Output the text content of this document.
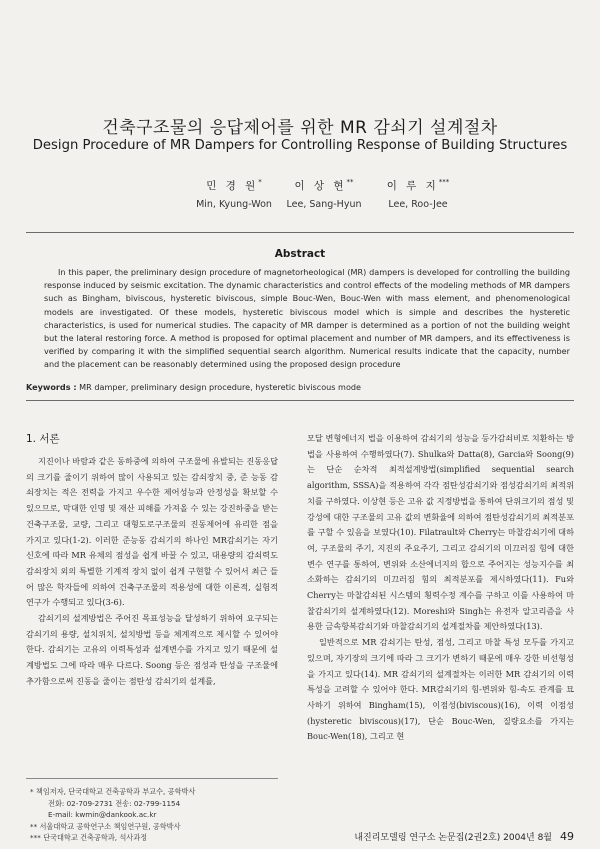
건축구조물의 응답제어를 위한 MR 감쇠기 설계절차
Design Procedure of MR Dampers for Controlling Response of Building Structures
민 경 원*
Min, Kyung-Won
이 상 현**
Lee, Sang-Hyun
이 루 지***
Lee, Roo-Jee
Abstract
In this paper, the preliminary design procedure of magnetorheological (MR) dampers is developed for controlling the building response induced by seismic excitation. The dynamic characteristics and control effects of the modeling methods of MR dampers such as Bingham, biviscous, hysteretic biviscous, simple Bouc-Wen, Bouc-Wen with mass element, and phenomenological models are investigated. Of these models, hysteretic biviscous model which is simple and describes the hysteretic characteristics, is used for numerical studies. The capacity of MR damper is determined as a portion of not the building weight but the lateral restoring force. A method is proposed for optimal placement and number of MR dampers, and its effectiveness is verified by comparing it with the simplified sequential search algorithm. Numerical results indicate that the capacity, number and the placement can be reasonably determined using the proposed design procedure
Keywords : MR damper, preliminary design procedure, hysteretic biviscous mode
1. 서론

지진이나 바람과 같은 동하중에 의하여 구조물에 유발되는 진동응답의 크기를 줄이기 위하여 많이 사용되고 있는 감쇠장치 중, 준 능동 감쇠장치는 적은 전력을 가지고 우수한 제어성능과 안정성을 확보할 수 있으므로, 막대한 인명 및 재산 피해를 가져올 수 있는 강진하중을 받는 건축구조물, 교량, 그리고 대형도로구조물의 진동제어에 유리한 점을 가지고 있다(1-2). 이러한 준능동 감쇠기의 하나인 MR감쇠기는 자기신호에 따라 MR 유체의 점성을 쉽게 바꿀 수 있고, 대용량의 감쇠력도 감쇠장치 외의 특별한 기계적 장치 없이 쉽게 구현할 수 있어서 최근 들어 많은 학자들에 의하여 건축구조물의 적용성에 대한 이론적, 실험적 연구가 수행되고 있다(3-6).

감쇠기의 설계방법은 주어진 목표성능을 달성하기 위하여 요구되는 감쇠기의 용량, 설치위치, 설치방법 등을 체계적으로 제시할 수 있어야 한다. 감쇠기는 고유의 이력특성과 설계변수를 가지고 있기 때문에 설계방법도 그에 따라 매우 다르다. Soong 등은 점성과 탄성을 구조물에 추가함으로써 진동을 줄이는 점탄성 감쇠기의 설계를,

모달 변형에너지 법을 이용하여 감쇠기의 성능을 등가감쇠비로 치환하는 방법을 사용하여 수행하였다(7). Shulka와 Datta(8), Garcia와 Soong(9)는 단순 순차적 최적설계방법(simplified sequential search algorithm, SSSA)을 적용하여 각각 점탄성감쇠기와 점성감쇠기의 최적위치를 구하였다. 이상현 등은 고유 값 지정방법을 통하여 단위크기의 점성 및 강성에 대한 구조물의 고유 값의 변화율에 의하여 점탄성감쇠기의 최적분포를 구할 수 있음을 보였다(10). Filatrault와 Cherry는 마찰감쇠기에 대하여, 구조물의 주기, 지진의 주요주기, 그리고 감쇠기의 미끄러짐 힘에 대한 변수 연구를 통하여, 변위와 소산에너지의 합으로 주어지는 성능지수를 최소화하는 감쇠기의 미끄러짐 힘의 최적분포를 제시하였다(11). Fu와 Cherry는 마찰감쇠된 시스템의 횡력수정 계수를 구하고 이를 사용하여 마찰감쇠기의 설계하였다(12). Moreshi와 Singh는 유전자 알고리즘을 사용한 금속항복감쇠기와 마찰감쇠기의 설계절차를 제안하였다(13).

일반적으로 MR 감쇠기는 탄성, 점성, 그리고 마찰 특성 모두를 가지고 있으며, 자기장의 크기에 따라 그 크기가 변하기 때문에 매우 강한 비선형성을 가지고 있다(14). MR 감쇠기의 설계절차는 이러한 MR 감쇠기의 이력특성을 고려할 수 있어야 한다. MR감쇠기의 힘-변위와 힘-속도 관계를 묘사하기 위하여 Bingham(15), 이점성(biviscous)(16), 이력 이점성(hysteretic biviscous)(17), 단순 Bouc-Wen, 질량요소를 가지는 Bouc-Wen(18), 그리고 현

* 책임저자, 단국대학교 건축공학과 부교수, 공학박사
전화: 02-709-2731 전송: 02-799-1154
E-mail: kwmin@dankook.ac.kr
** 서울대학교 공학연구소 책임연구원, 공학박사
*** 단국대학교 건축공학과, 석사과정	내진리모델링 연구소 논문집(2권2호) 2004년 8월 49
